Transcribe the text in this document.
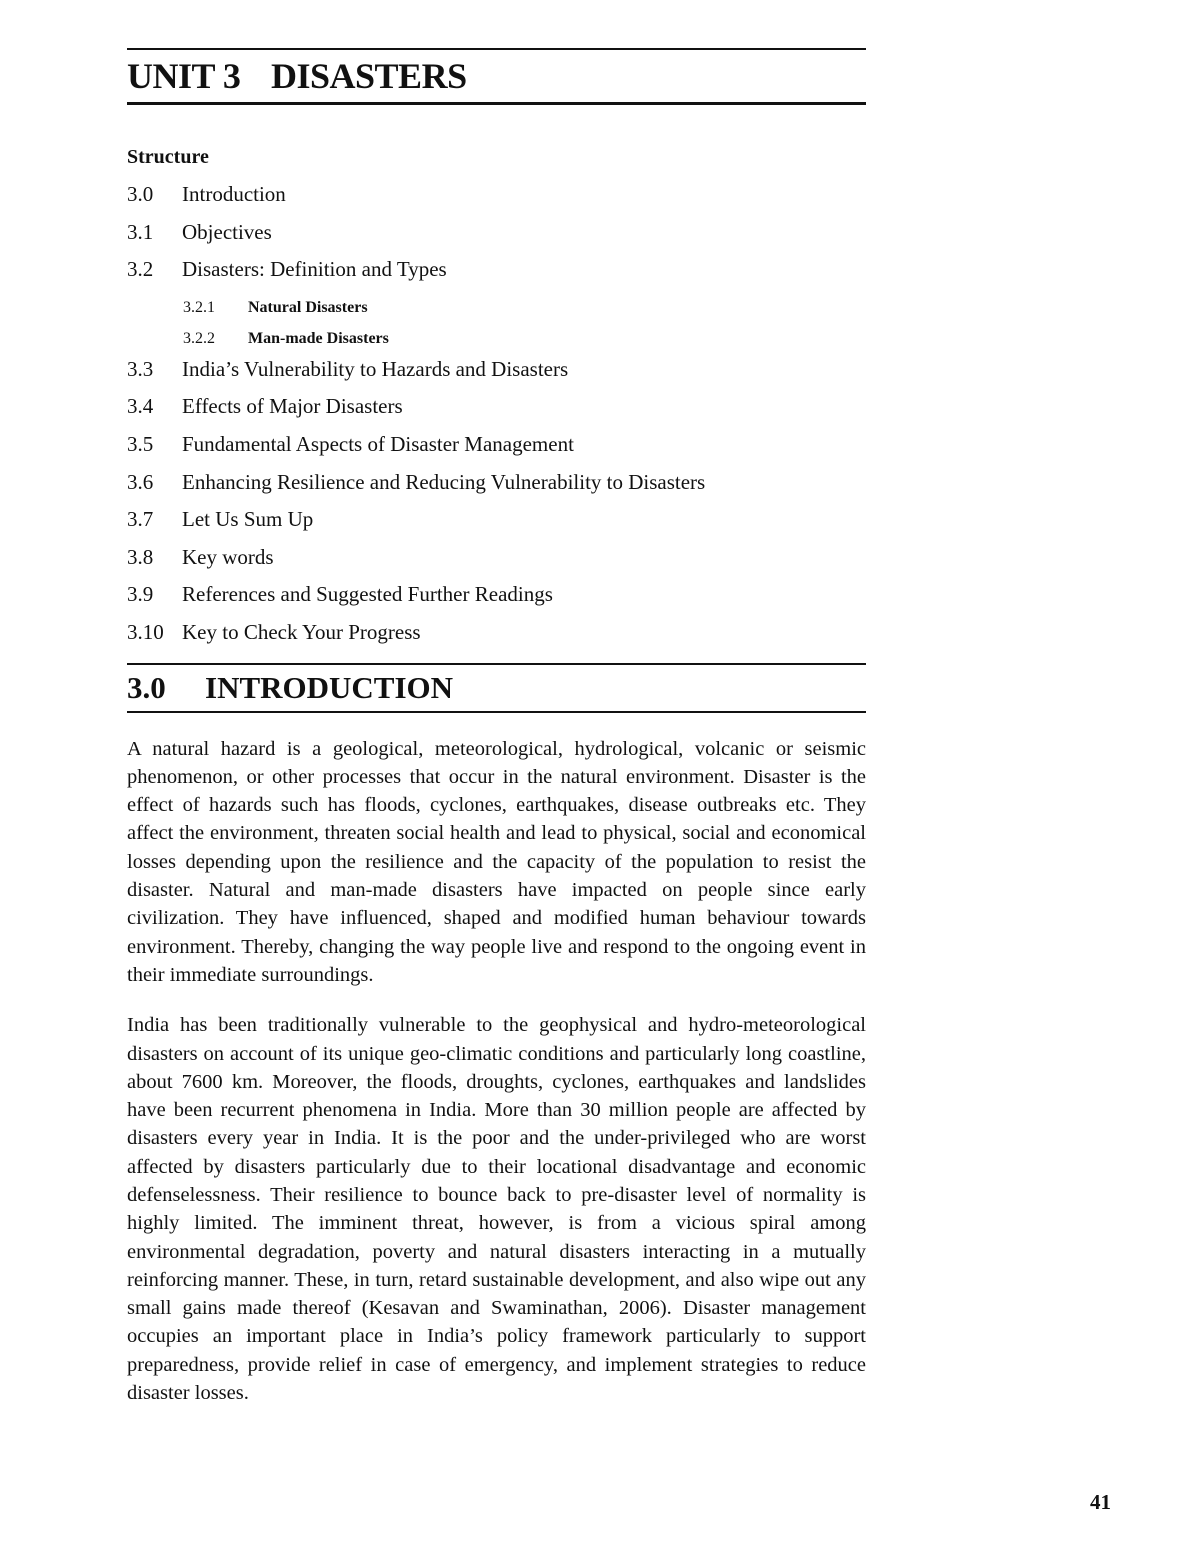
UNIT 3 DISASTERS
Structure
3.0	Introduction
3.1	Objectives
3.2	Disasters: Definition and Types
3.2.1	Natural Disasters
3.2.2	Man-made Disasters
3.3	India’s Vulnerability to Hazards and Disasters
3.4	Effects of Major Disasters
3.5	Fundamental Aspects of Disaster Management
3.6	Enhancing Resilience and Reducing Vulnerability to Disasters
3.7	Let Us Sum Up
3.8	Key words
3.9	References and Suggested Further Readings
3.10 Key to Check Your Progress
3.0 INTRODUCTION

A natural hazard is a geological, meteorological, hydrological, volcanic or seismic phenomenon, or other processes that occur in the natural environment. Disaster is the effect of hazards such has floods, cyclones, earthquakes, disease outbreaks etc. They affect the environment, threaten social health and lead to physical, social and economical losses depending upon the resilience and the capacity of the population to resist the disaster. Natural and man-made disasters have impacted on people since early civilization. They have influenced, shaped and modified human behaviour towards environment. Thereby, changing the way people live and respond to the ongoing event in their immediate surroundings.

India has been traditionally vulnerable to the geophysical and hydro-meteorological disasters on account of its unique geo-climatic conditions and particularly long coastline, about 7600 km. Moreover, the floods, droughts, cyclones, earthquakes and landslides have been recurrent phenomena in India. More than 30 million people are affected by disasters every year in India. It is the poor and the under-privileged who are worst affected by disasters particularly due to their locational disadvantage and economic defenselessness. Their resilience to bounce back to pre-disaster level of normality is highly limited. The imminent threat, however, is from a vicious spiral among environmental degradation, poverty and natural disasters interacting in a mutually reinforcing manner. These, in turn, retard sustainable development, and also wipe out any small gains made thereof (Kesavan and Swaminathan, 2006). Disaster management occupies an important place in India’s policy framework particularly to support preparedness, provide relief in case of emergency, and implement strategies to reduce disaster losses.

41
